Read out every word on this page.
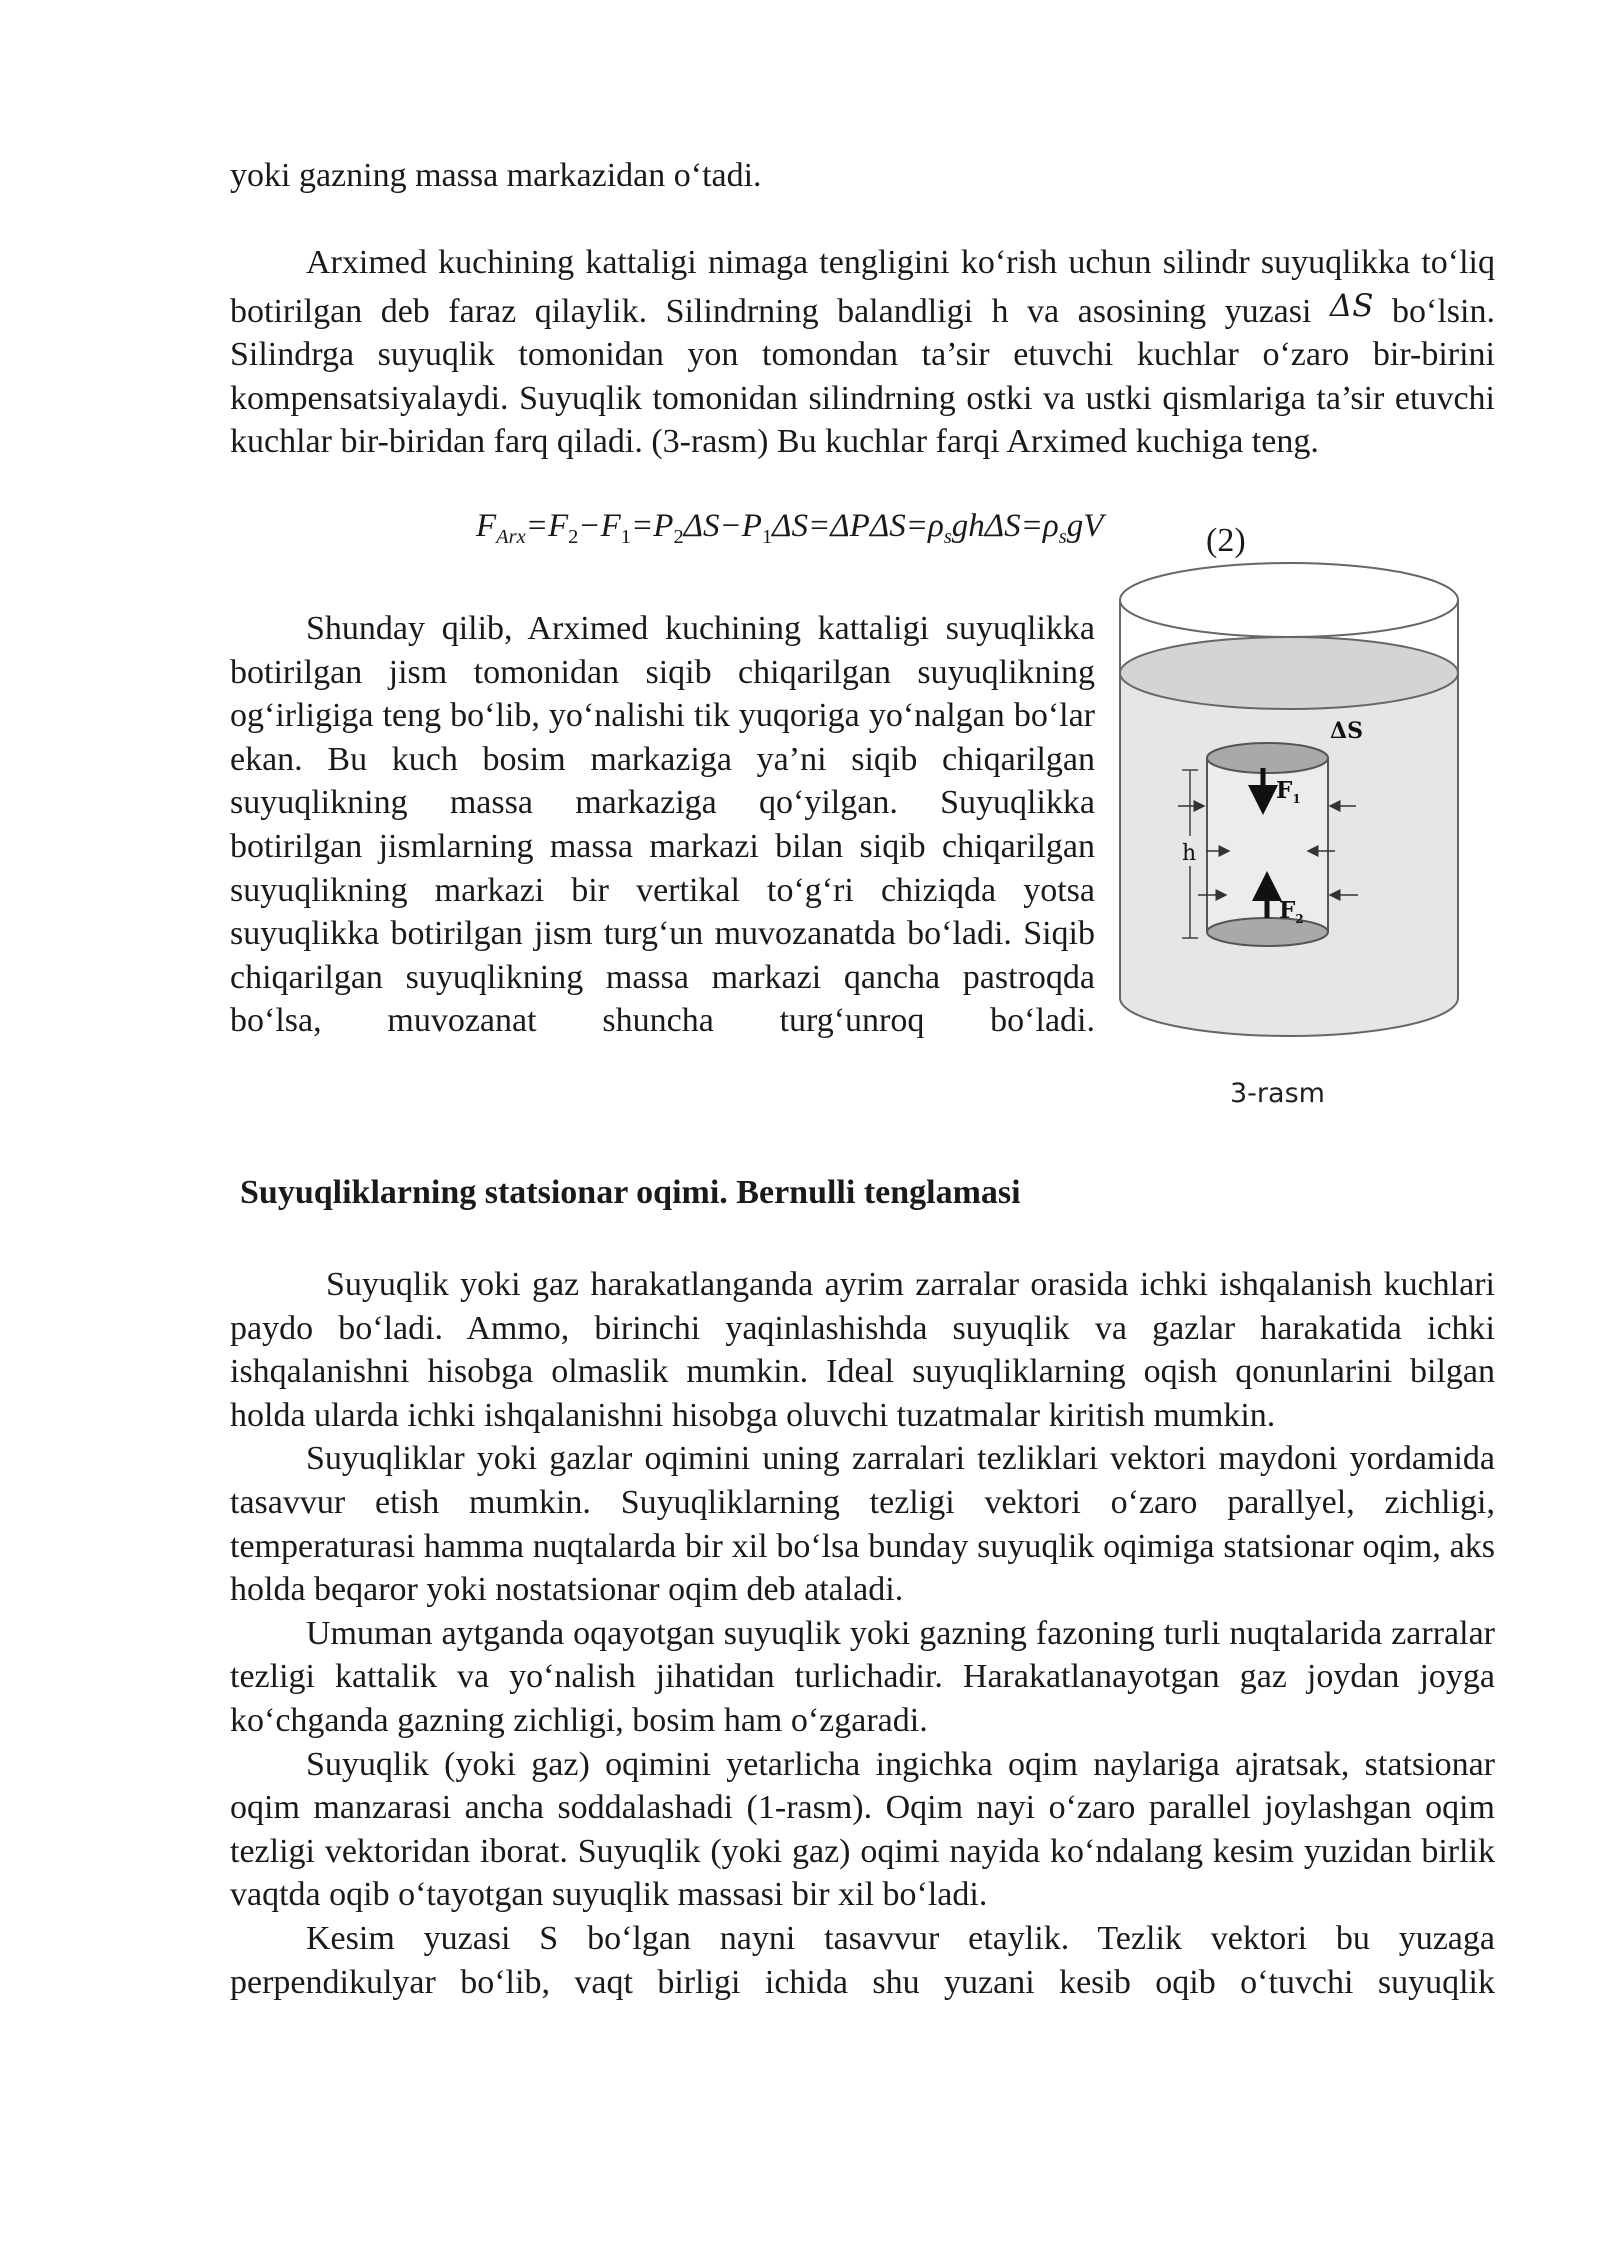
yoki gazning massa markazidan o‘tadi.

Arximed kuchining kattaligi nimaga tengligini ko‘rish uchun silindr suyuqlikka to‘liq botirilgan deb faraz qilaylik. Silindrning balandligi h va asosining yuzasi ΔS bo‘lsin. Silindrga suyuqlik tomonidan yon tomondan ta’sir etuvchi kuchlar o‘zaro bir-birini kompensatsiyalaydi. Suyuqlik tomonidan silindrning ostki va ustki qismlariga ta’sir etuvchi kuchlar bir-biridan farq qiladi. (3-rasm) Bu kuchlar farqi Arximed kuchiga teng.

$F_{Arx}=F_2-F_1=P_2\Delta S-P_1\Delta S=\Delta P\Delta S=\rho_sgh\Delta S=\rho_sgV$	(2)

Shunday qilib, Arximed kuchining kattaligi suyuqlikka botirilgan jism tomonidan siqib chiqarilgan suyuqlikning og‘irligiga teng bo‘lib, yo‘nalishi tik yuqoriga yo‘nalgan bo‘lar ekan. Bu kuch bosim markaziga ya’ni siqib chiqarilgan suyuqlikning massa markaziga qo‘yilgan. Suyuqlikka botirilgan jismlarning massa markazi bilan siqib chiqarilgan suyuqlikning markazi bir vertikal to‘g‘ri chiziqda yotsa suyuqlikka botirilgan jism turg‘un muvozanatda bo‘ladi. Siqib chiqarilgan suyuqlikning massa markazi qancha pastroqda bo‘lsa, muvozanat shuncha turg‘unroq bo‘ladi.

ΔS
$F_1$
$F_2$
h
3-rasm
Suyuqliklarning statsionar oqimi. Bernulli tenglamasi

Suyuqlik yoki gaz harakatlanganda ayrim zarralar orasida ichki ishqalanish kuchlari paydo bo‘ladi. Ammo, birinchi yaqinlashishda suyuqlik va gazlar harakatida ichki ishqalanishni hisobga olmaslik mumkin. Ideal suyuqliklarning oqish qonunlarini bilgan holda ularda ichki ishqalanishni hisobga oluvchi tuzatmalar kiritish mumkin.

Suyuqliklar yoki gazlar oqimini uning zarralari tezliklari vektori maydoni yordamida tasavvur etish mumkin. Suyuqliklarning tezligi vektori o‘zaro parallyel, zichligi, temperaturasi hamma nuqtalarda bir xil bo‘lsa bunday suyuqlik oqimiga statsionar oqim, aks holda beqaror yoki nostatsionar oqim deb ataladi.

Umuman aytganda oqayotgan suyuqlik yoki gazning fazoning turli nuqtalarida zarralar tezligi kattalik va yo‘nalish jihatidan turlichadir. Harakatlanayotgan gaz joydan joyga ko‘chganda gazning zichligi, bosim ham o‘zgaradi.

Suyuqlik (yoki gaz) oqimini yetarlicha ingichka oqim naylariga ajratsak, statsionar oqim manzarasi ancha soddalashadi (1-rasm). Oqim nayi o‘zaro parallel joylashgan oqim tezligi vektoridan iborat. Suyuqlik (yoki gaz) oqimi nayida ko‘ndalang kesim yuzidan birlik vaqtda oqib o‘tayotgan suyuqlik massasi bir xil bo‘ladi.

Kesim yuzasi S bo‘lgan nayni tasavvur etaylik. Tezlik vektori bu yuzaga perpendikulyar bo‘lib, vaqt birligi ichida shu yuzani kesib oqib o‘tuvchi suyuqlik
